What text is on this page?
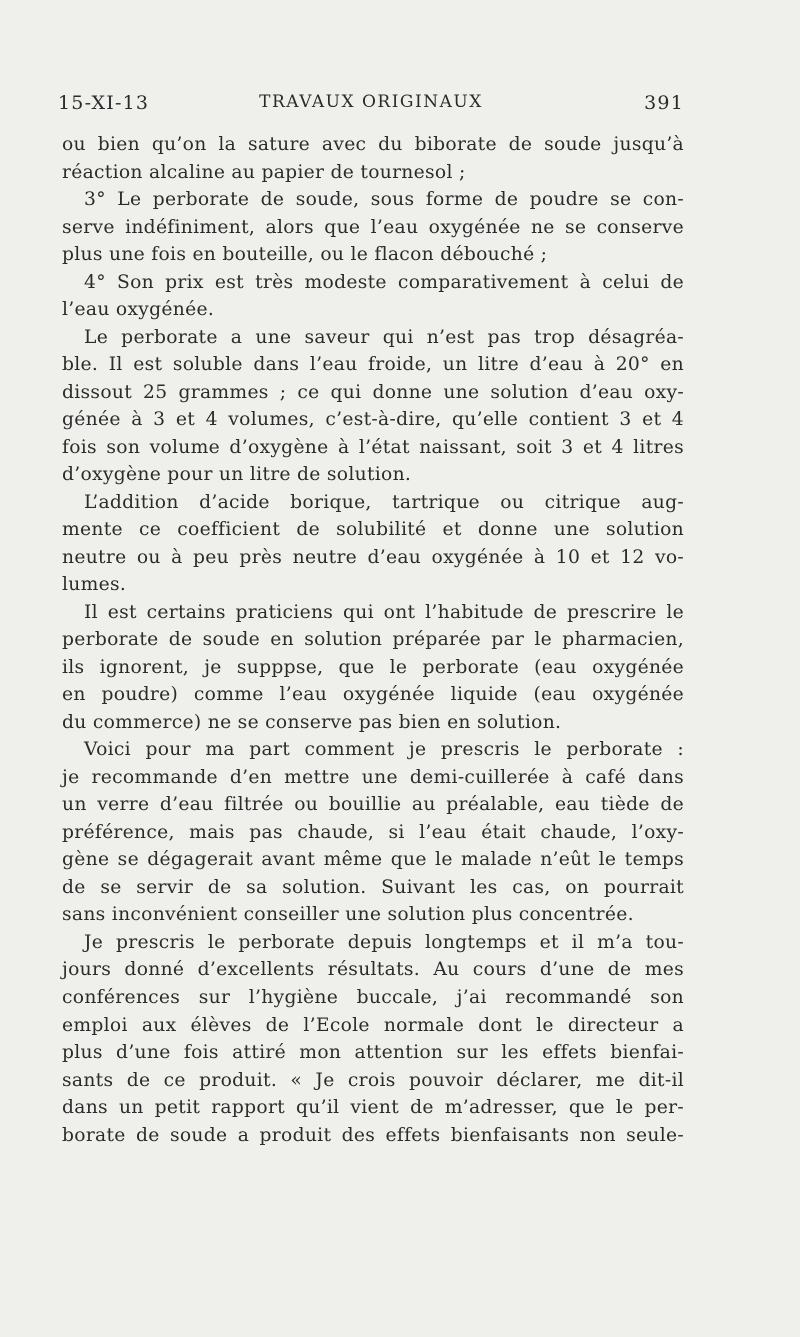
15-XI-13	TRAVAUX ORIGINAUX	391
ou bien qu’on la sature avec du biborate de soude jusqu’à
réaction alcaline au papier de tournesol ;
3° Le perborate de soude, sous forme de poudre se con-
serve indéfiniment, alors que l’eau oxygénée ne se conserve
plus une fois en bouteille, ou le flacon débouché ;
4° Son prix est très modeste comparativement à celui de
l’eau oxygénée.
Le perborate a une saveur qui n’est pas trop désagréa-
ble. Il est soluble dans l’eau froide, un litre d’eau à 20° en
dissout 25 grammes ; ce qui donne une solution d’eau oxy-
génée à 3 et 4 volumes, c’est-à-dire, qu’elle contient 3 et 4
fois son volume d’oxygène à l’état naissant, soit 3 et 4 litres
d’oxygène pour un litre de solution.
L’addition d’acide borique, tartrique ou citrique aug-
mente ce coefficient de solubilité et donne une solution
neutre ou à peu près neutre d’eau oxygénée à 10 et 12 vo-
lumes.
Il est certains praticiens qui ont l’habitude de prescrire le
perborate de soude en solution préparée par le pharmacien,
ils ignorent, je supppse, que le perborate (eau oxygénée
en poudre) comme l’eau oxygénée liquide (eau oxygénée
du commerce) ne se conserve pas bien en solution.
Voici pour ma part comment je prescris le perborate :
je recommande d’en mettre une demi-cuillerée à café dans
un verre d’eau filtrée ou bouillie au préalable, eau tiède de
préférence, mais pas chaude, si l’eau était chaude, l’oxy-
gène se dégagerait avant même que le malade n’eût le temps
de se servir de sa solution. Suivant les cas, on pourrait
sans inconvénient conseiller une solution plus concentrée.
Je prescris le perborate depuis longtemps et il m’a tou-
jours donné d’excellents résultats. Au cours d’une de mes
conférences sur l’hygiène buccale, j’ai recommandé son
emploi aux élèves de l’Ecole normale dont le directeur a
plus d’une fois attiré mon attention sur les effets bienfai-
sants de ce produit. « Je crois pouvoir déclarer, me dit-il
dans un petit rapport qu’il vient de m’adresser, que le per-
borate de soude a produit des effets bienfaisants non seule-
